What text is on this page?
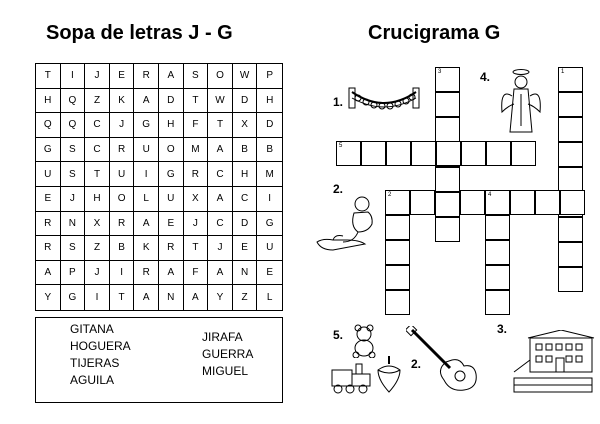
Sopa de letras J - G	Crucigrama G
T	I	J	E	R	A	S	O	W	P
H	Q	Z	K	A	D	T	W	D	H
Q	Q	C	J	G	H	F	T	X	D
G	S	C	R	U	O	M	A	B	B
U	S	T	U	I	G	R	C	H	M
E	J	H	O	L	U	X	A	C	I
R	N	X	R	A	E	J	C	D	G
R	S	Z	B	K	R	T	J	E	U
A	P	J	I	R	A	F	A	N	E
Y	G	I	T	A	N	A	Y	Z	L
GITANA
HOGUERA
TIJERAS
AGUILA
JIRAFA
GUERRA
MIGUEL
3	1
5
2	4
1.
2.
3.
4.
5.
2.
